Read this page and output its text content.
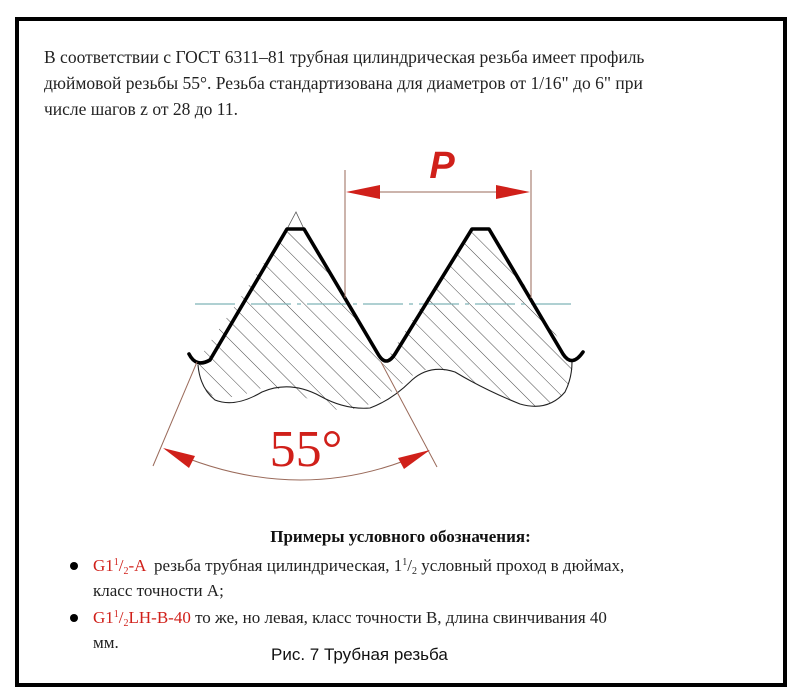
В соответствии с ГОСТ 6311–81 трубная цилиндрическая резьба имеет профиль
дюймовой резьбы 55°. Резьба стандартизована для диаметров от 1/16" до 6" при
числе шагов z от 28 до 11.
P
55°
Примеры условного обозначения:
$G1^1/_2-A$  резьба трубная цилиндрическая, $1^1/_2$ условный проход в дюймах,
класс точности А;
$G1^1/_2LH-B-40$ то же, но левая, класс точности В, длина свинчивания 40
мм.
Рис. 7 Трубная резьба
